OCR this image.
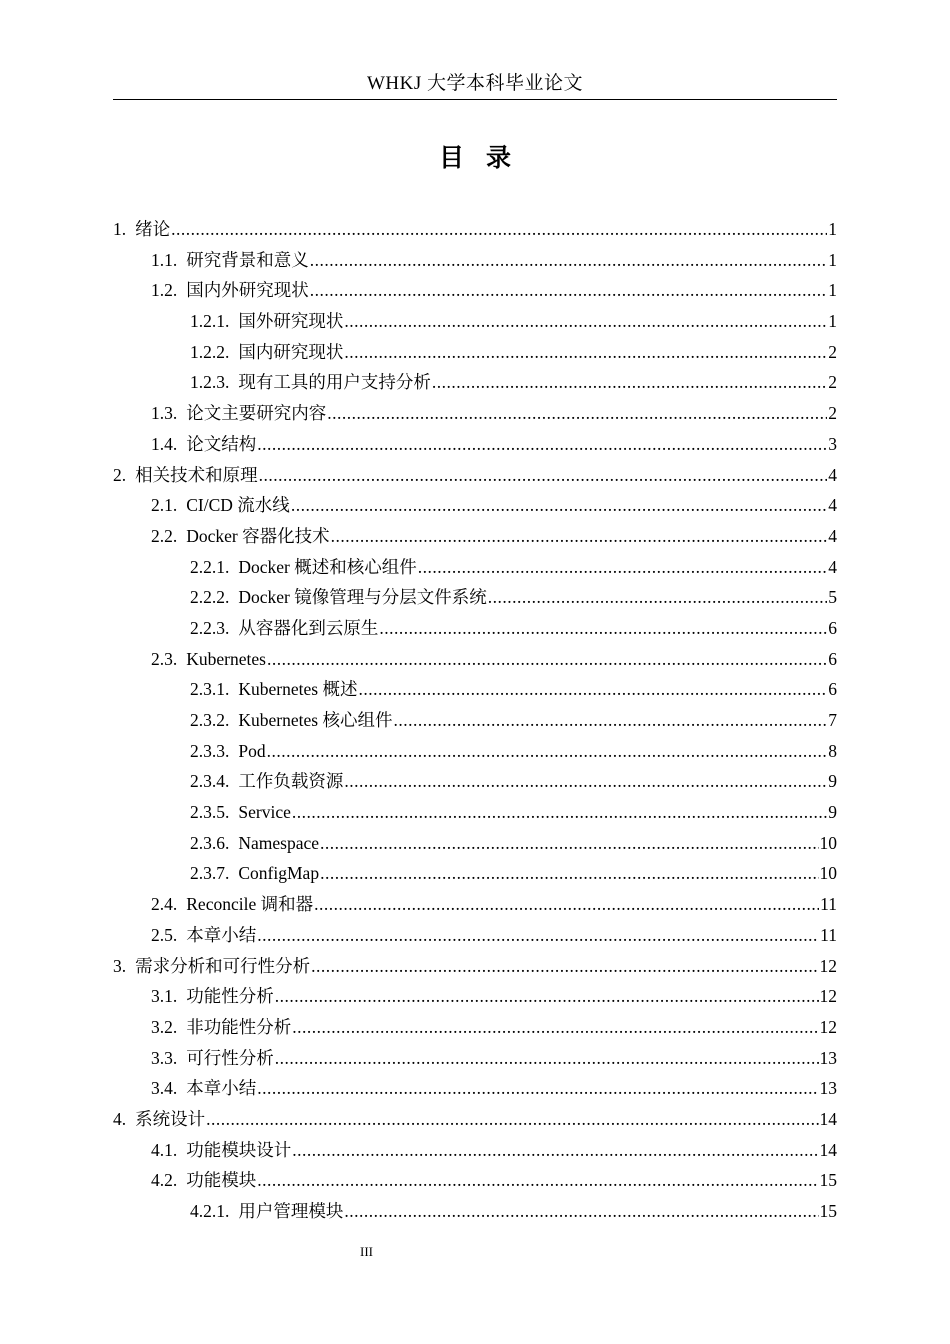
WHKJ 大学本科毕业论文
目录
1. 绪论 .....	1
1.1. 研究背景和意义 .....	1
1.2. 国内外研究现状 .....	1
1.2.1. 国外研究现状 .....	1
1.2.2. 国内研究现状 .....	2
1.2.3. 现有工具的用户支持分析 .....	2
1.3. 论文主要研究内容 .....	2
1.4. 论文结构 .....	3
2. 相关技术和原理 .....	4
2.1. CI/CD 流水线 .....	4
2.2. Docker 容器化技术 .....	4
2.2.1. Docker 概述和核心组件 .....	4
2.2.2. Docker 镜像管理与分层文件系统 .....	5
2.2.3. 从容器化到云原生 .....	6
2.3. Kubernetes .....	6
2.3.1. Kubernetes 概述 .....	6
2.3.2. Kubernetes 核心组件 .....	7
2.3.3. Pod .....	8
2.3.4. 工作负载资源 .....	9
2.3.5. Service .....	9
2.3.6. Namespace .....	10
2.3.7. ConfigMap .....	10
2.4. Reconcile 调和器 .....	11
2.5. 本章小结 .....	11
3. 需求分析和可行性分析 .....	12
3.1. 功能性分析 .....	12
3.2. 非功能性分析 .....	12
3.3. 可行性分析 .....	13
3.4. 本章小结 .....	13
4. 系统设计 .....	14
4.1. 功能模块设计 .....	14
4.2. 功能模块 .....	15
4.2.1. 用户管理模块 .....	15
III
